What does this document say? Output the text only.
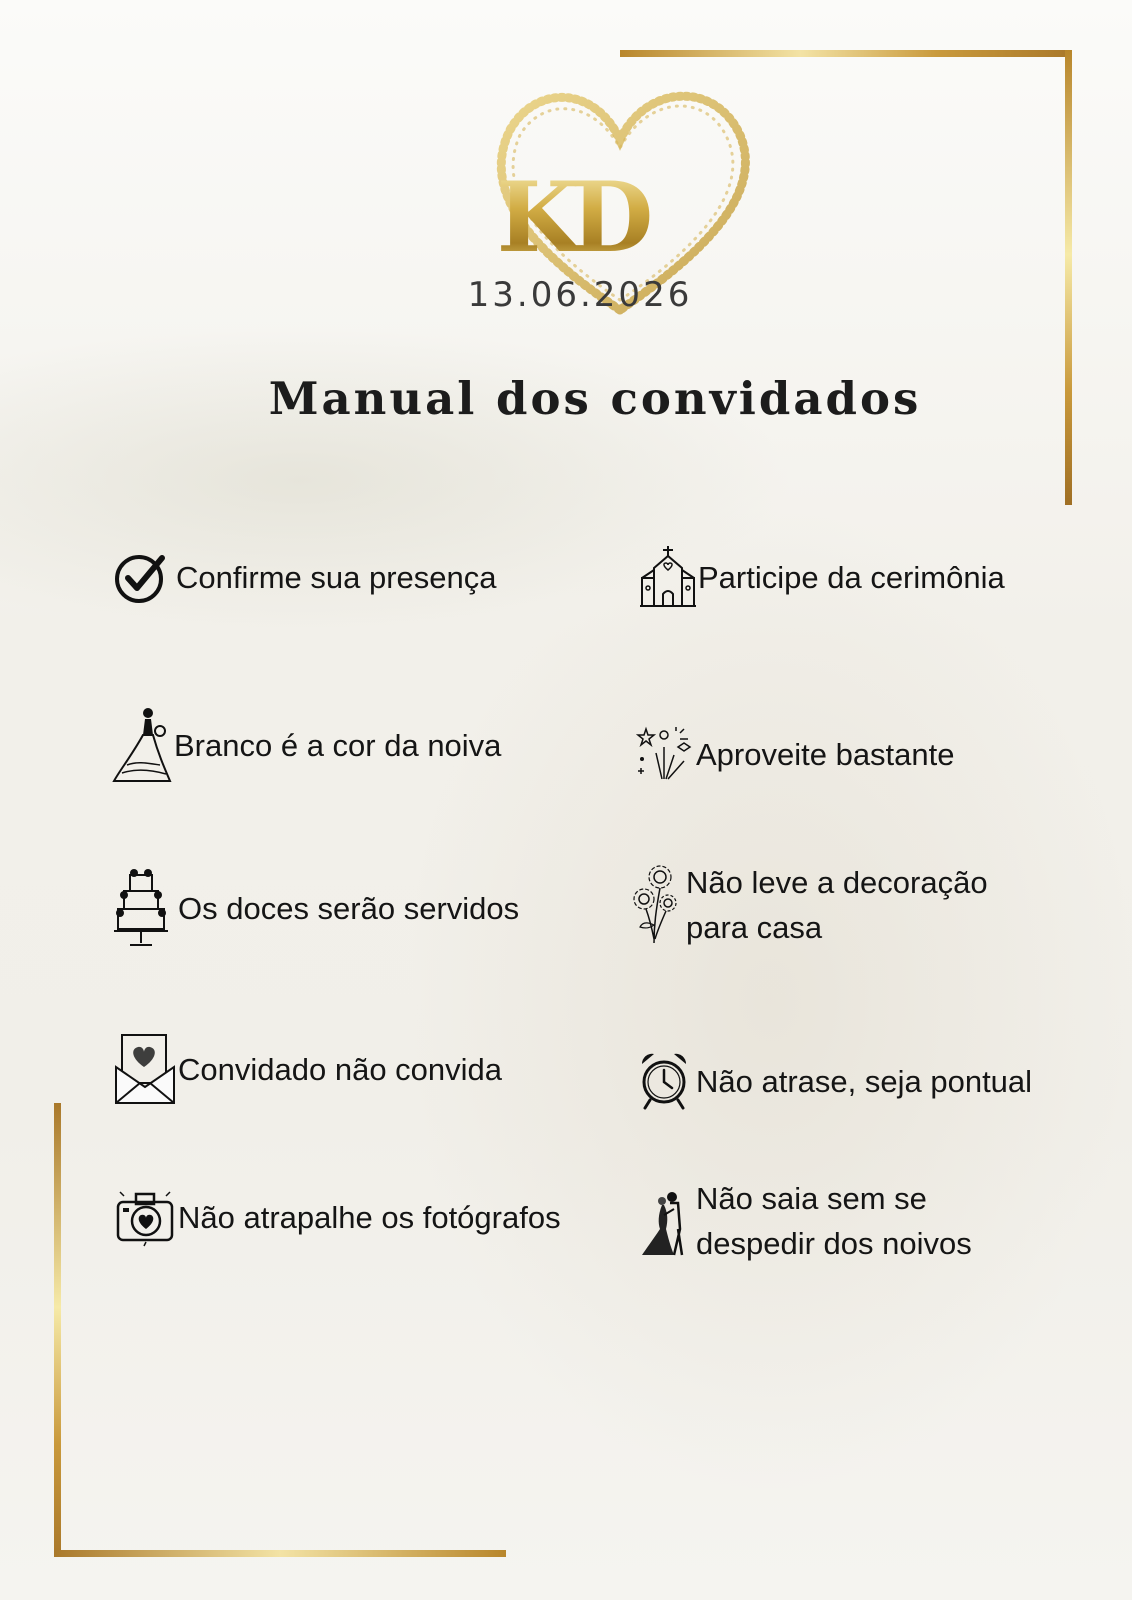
KD
13.06.2026
Manual dos convidados
Confirme sua presença
Branco é a cor da noiva
Os doces serão servidos
Convidado não convida
Não atrapalhe os fotógrafos
Participe da cerimônia
Aproveite bastante
Não leve a decoração
para casa
Não atrase, seja pontual
Não saia sem se
despedir dos noivos
